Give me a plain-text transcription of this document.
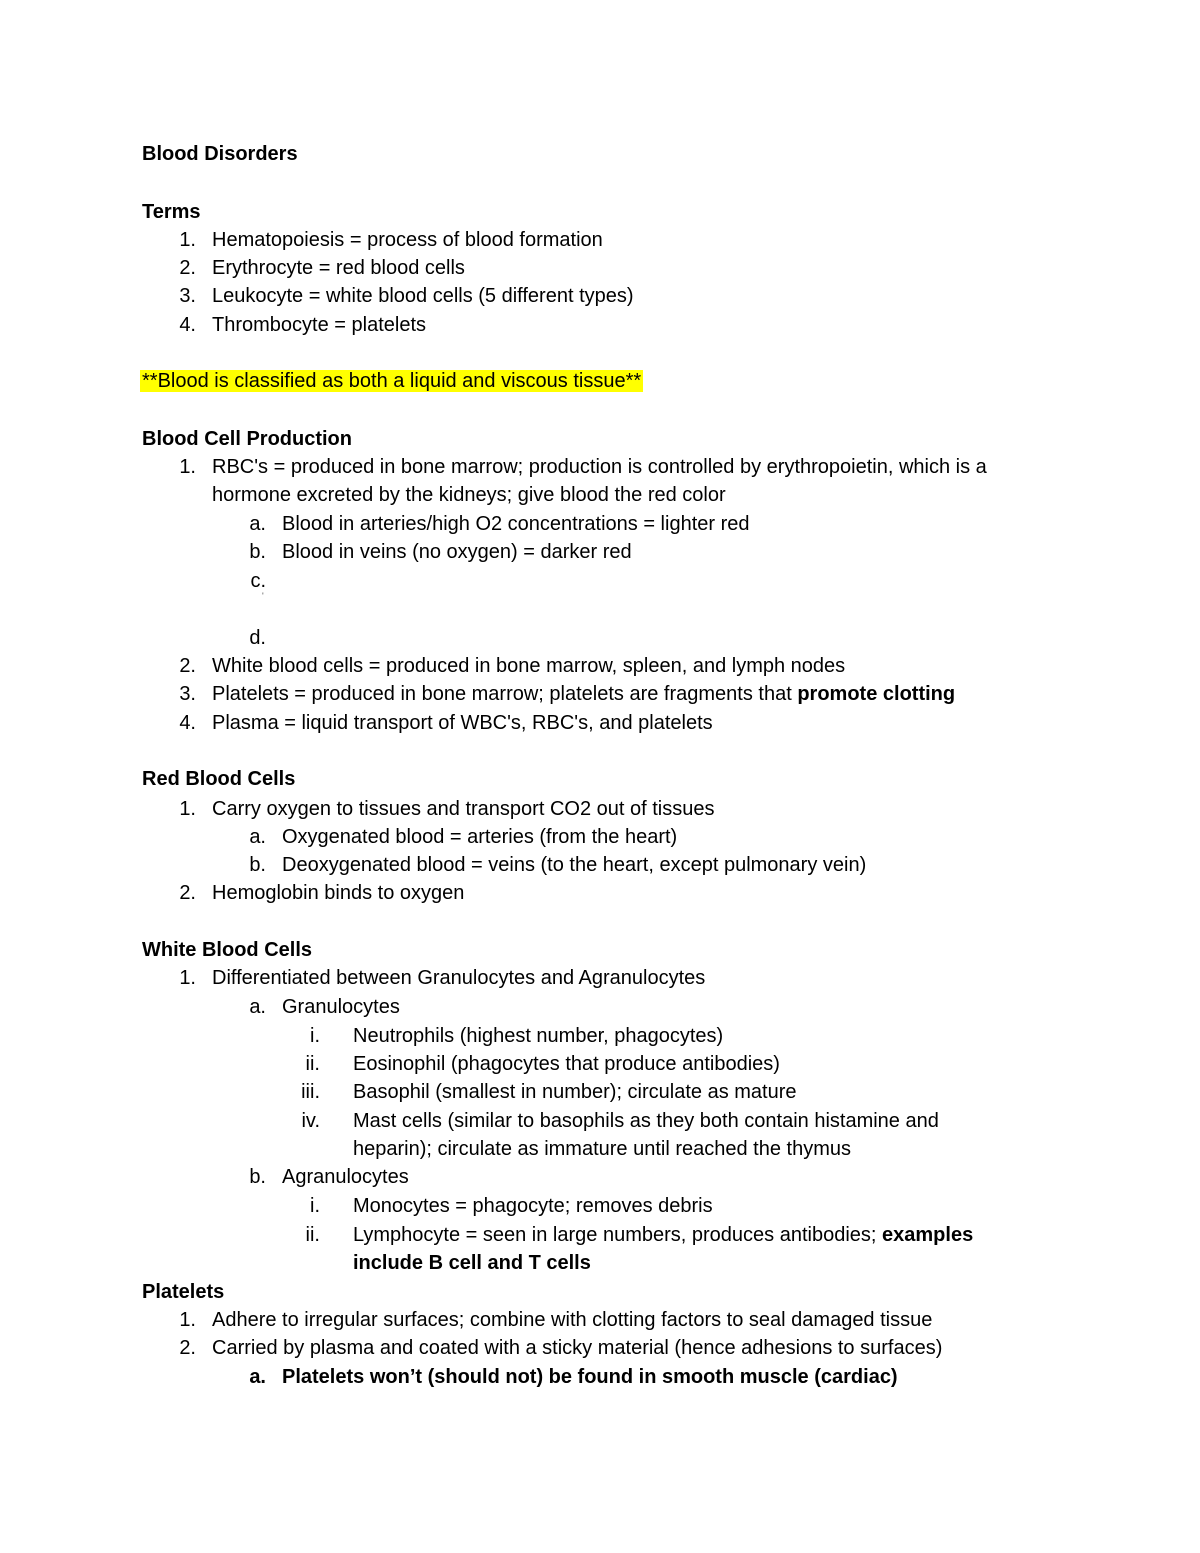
Blood Disorders
Terms
1. Hematopoiesis = process of blood formation
2. Erythrocyte = red blood cells
3. Leukocyte = white blood cells (5 different types)
4. Thrombocyte = platelets
**Blood is classified as both a liquid and viscous tissue**
Blood Cell Production
1. RBC's = produced in bone marrow; production is controlled by erythropoietin, which is a
hormone excreted by the kidneys; give blood the red color
a. Blood in arteries/high O2 concentrations = lighter red
b. Blood in veins (no oxygen) = darker red
c.
'
d.
2. White blood cells = produced in bone marrow, spleen, and lymph nodes
3. Platelets = produced in bone marrow; platelets are fragments that promote clotting
4. Plasma = liquid transport of WBC's, RBC's, and platelets
Red Blood Cells
1. Carry oxygen to tissues and transport CO2 out of tissues
a. Oxygenated blood = arteries (from the heart)
b. Deoxygenated blood = veins (to the heart, except pulmonary vein)
2. Hemoglobin binds to oxygen
White Blood Cells
1. Differentiated between Granulocytes and Agranulocytes
a. Granulocytes
i. Neutrophils (highest number, phagocytes)
ii. Eosinophil (phagocytes that produce antibodies)
iii. Basophil (smallest in number); circulate as mature
iv. Mast cells (similar to basophils as they both contain histamine and
heparin); circulate as immature until reached the thymus
b. Agranulocytes
i. Monocytes = phagocyte; removes debris
ii. Lymphocyte = seen in large numbers, produces antibodies; examples
include B cell and T cells
Platelets
1. Adhere to irregular surfaces; combine with clotting factors to seal damaged tissue
2. Carried by plasma and coated with a sticky material (hence adhesions to surfaces)
a. Platelets won’t (should not) be found in smooth muscle (cardiac)
